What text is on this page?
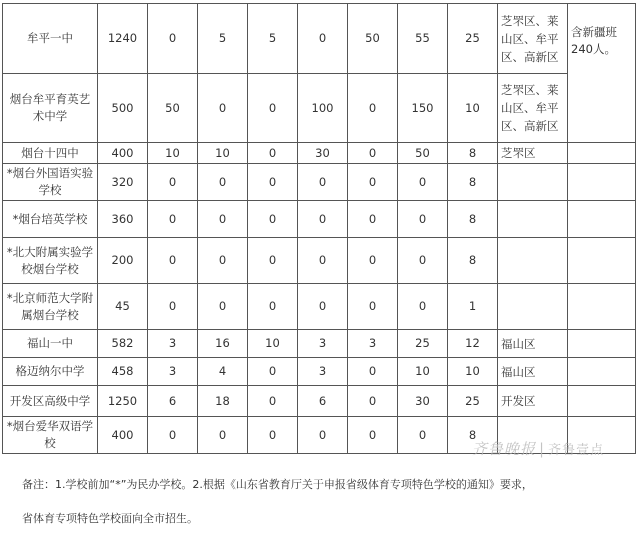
牟平一中	1240	0	5	5	0	50	55	25	芝罘区、莱山区、牟平区、高新区	含新疆班240人。
烟台牟平育英艺术中学	500	50	0	0	100	0	150	10	芝罘区、莱山区、牟平区、高新区	
烟台十四中	400	10	10	0	30	0	50	8	芝罘区	
*烟台外国语实验学校	320	0	0	0	0	0	0	8		
*烟台培英学校	360	0	0	0	0	0	0	8		
*北大附属实验学校烟台学校	200	0	0	0	0	0	0	8		
*北京师范大学附属烟台学校	45	0	0	0	0	0	0	1		
福山一中	582	3	16	10	3	3	25	12	福山区	
格迈纳尔中学	458	3	4	0	3	0	10	10	福山区	
开发区高级中学	1250	6	18	0	6	0	30	25	开发区	
*烟台爱华双语学校	400	0	0	0	0	0	0	8		
备注：1.学校前加“*”为民办学校。2.根据《山东省教育厅关于申报省级体育专项特色学校的通知》要求，
省体育专项特色学校面向全市招生。
齐鲁晚报 | 齐鲁壹点
